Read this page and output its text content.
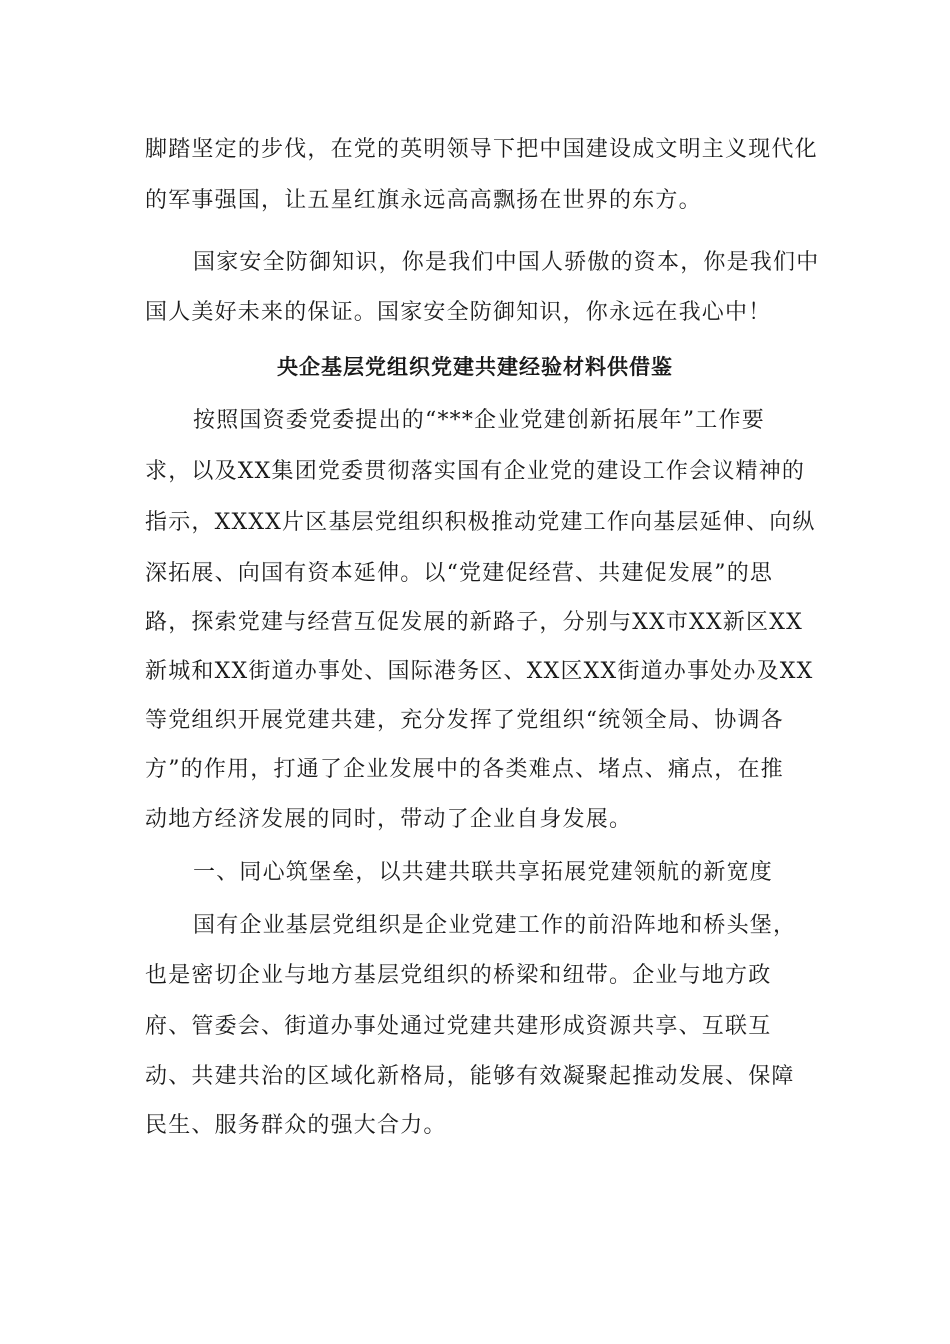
脚踏坚定的步伐，在党的英明领导下把中国建设成文明主义现代化
的军事强国，让五星红旗永远高高飘扬在世界的东方。
国家安全防御知识，你是我们中国人骄傲的资本，你是我们中
国人美好未来的保证。国家安全防御知识，你永远在我心中！
央企基层党组织党建共建经验材料供借鉴
按照国资委党委提出的“***企业党建创新拓展年”工作要
求，以及XX集团党委贯彻落实国有企业党的建设工作会议精神的
指示，XXXX片区基层党组织积极推动党建工作向基层延伸、向纵
深拓展、向国有资本延伸。以“党建促经营、共建促发展”的思
路，探索党建与经营互促发展的新路子，分别与XX市XX新区XX
新城和XX街道办事处、国际港务区、XX区XX街道办事处办及XX
等党组织开展党建共建，充分发挥了党组织“统领全局、协调各
方”的作用，打通了企业发展中的各类难点、堵点、痛点，在推
动地方经济发展的同时，带动了企业自身发展。
一、同心筑堡垒，以共建共联共享拓展党建领航的新宽度
国有企业基层党组织是企业党建工作的前沿阵地和桥头堡，
也是密切企业与地方基层党组织的桥梁和纽带。企业与地方政
府、管委会、街道办事处通过党建共建形成资源共享、互联互
动、共建共治的区域化新格局，能够有效凝聚起推动发展、保障
民生、服务群众的强大合力。
